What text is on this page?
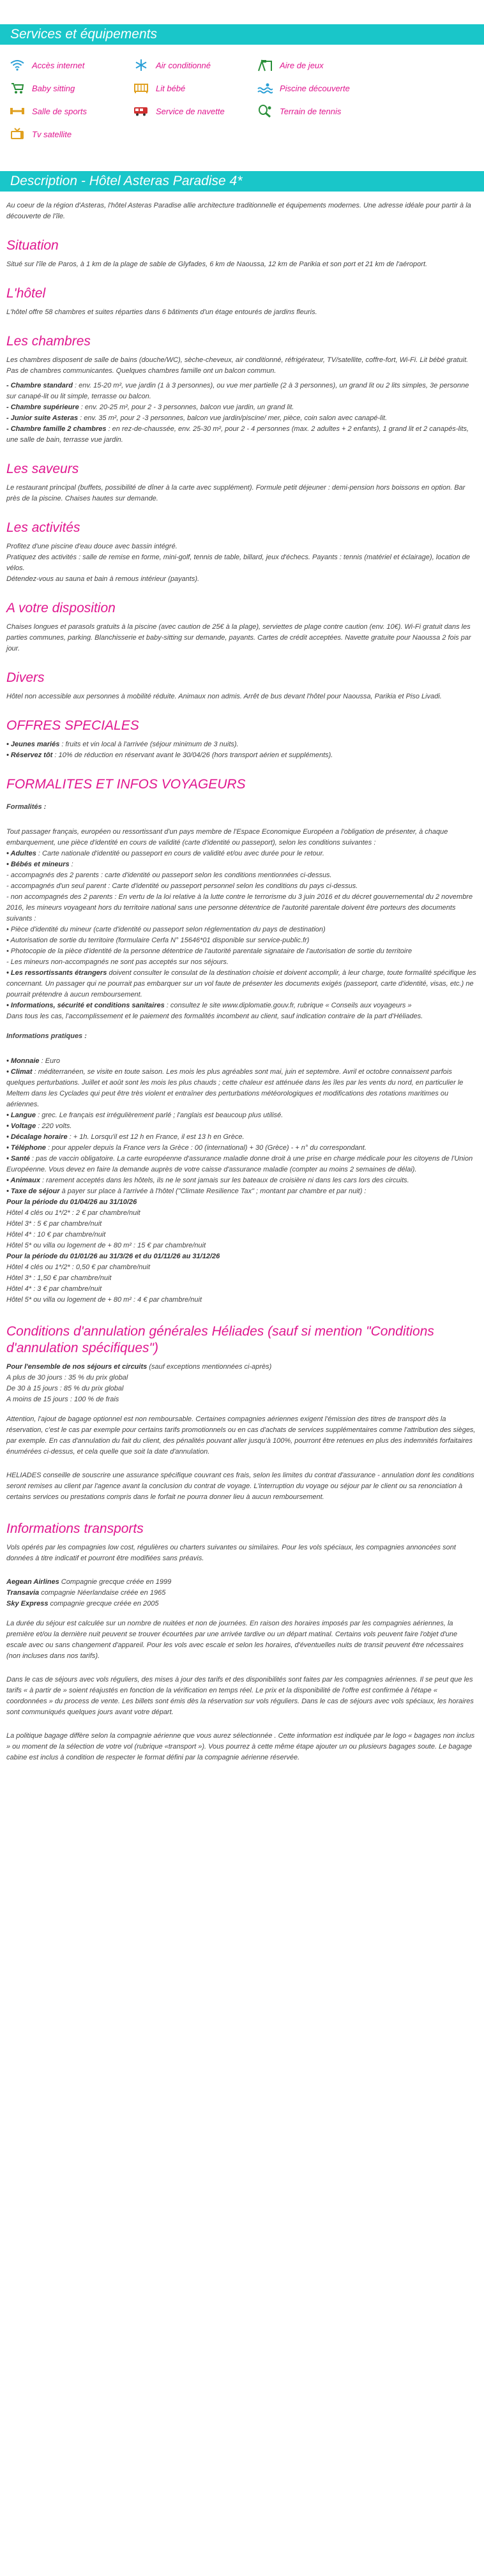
Services et équipements
Accès internet	Air conditionné	Aire de jeux
Baby sitting	Lit bébé	Piscine découverte
Salle de sports	Service de navette	Terrain de tennis
Tv satellite
Description - Hôtel Asteras Paradise 4*

Au coeur de la région d'Asteras, l'hôtel Asteras Paradise allie architecture traditionnelle et équipements modernes. Une adresse idéale pour partir à la découverte de l'île.

Situation

Situé sur l'île de Paros, à 1 km de la plage de sable de Glyfades, 6 km de Naoussa, 12 km de Parikia et son port et 21 km de l'aéroport.

L'hôtel

L'hôtel offre 58 chambres et suites réparties dans 6 bâtiments d'un étage entourés de jardins fleuris.

Les chambres

Les chambres disposent de salle de bains (douche/WC), sèche-cheveux, air conditionné, réfrigérateur, TV/satellite, coffre-fort, Wi-Fi. Lit bébé gratuit. Pas de chambres communicantes. Quelques chambres famille ont un balcon commun.

- Chambre standard : env. 15-20 m², vue jardin (1 à 3 personnes), ou vue mer partielle (2 à 3 personnes), un grand lit ou 2 lits simples, 3e personne sur canapé-lit ou lit simple, terrasse ou balcon.

- Chambre supérieure : env. 20-25 m², pour 2 - 3 personnes, balcon vue jardin, un grand lit.

- Junior suite Asteras : env. 35 m², pour 2 -3 personnes, balcon vue jardin/piscine/ mer, pièce, coin salon avec canapé-lit.

- Chambre famille 2 chambres : en rez-de-chaussée, env. 25-30 m², pour 2 - 4 personnes (max. 2 adultes + 2 enfants), 1 grand lit et 2 canapés-lits, une salle de bain, terrasse vue jardin.

Les saveurs

Le restaurant principal (buffets, possibilité de dîner à la carte avec supplément). Formule petit déjeuner : demi-pension hors boissons en option. Bar près de la piscine. Chaises hautes sur demande.

Les activités

Profitez d'une piscine d'eau douce avec bassin intégré.

Pratiquez des activités : salle de remise en forme, mini-golf, tennis de table, billard, jeux d'échecs. Payants : tennis (matériel et éclairage), location de vélos.

Détendez-vous au sauna et bain à remous intérieur (payants).

A votre disposition

Chaises longues et parasols gratuits à la piscine (avec caution de 25€ à la plage), serviettes de plage contre caution (env. 10€). Wi-Fi gratuit dans les parties communes, parking. Blanchisserie et baby-sitting sur demande, payants. Cartes de crédit acceptées. Navette gratuite pour Naoussa 2 fois par jour.

Divers

Hôtel non accessible aux personnes à mobilité réduite. Animaux non admis. Arrêt de bus devant l'hôtel pour Naoussa, Parikia et Piso Livadi.

OFFRES SPECIALES

• Jeunes mariés : fruits et vin local à l'arrivée (séjour minimum de 3 nuits).

• Réservez tôt : 10% de réduction en réservant avant le 30/04/26 (hors transport aérien et suppléments).

FORMALITES ET INFOS VOYAGEURS

Formalités :

Tout passager français, européen ou ressortissant d'un pays membre de l'Espace Economique Européen a l'obligation de présenter, à chaque embarquement, une pièce d'identité en cours de validité (carte d'identité ou passeport), selon les conditions suivantes :

• Adultes : Carte nationale d'identité ou passeport en cours de validité et/ou avec durée pour le retour.

• Bébés et mineurs :

- accompagnés des 2 parents : carte d'identité ou passeport selon les conditions mentionnées ci-dessus.

- accompagnés d'un seul parent : Carte d'identité ou passeport personnel selon les conditions du pays ci-dessus.

- non accompagnés des 2 parents : En vertu de la loi relative à la lutte contre le terrorisme du 3 juin 2016 et du décret gouvernemental du 2 novembre 2016, les mineurs voyageant hors du territoire national sans une personne détentrice de l'autorité parentale doivent être porteurs des documents suivants :

• Pièce d'identité du mineur (carte d'identité ou passeport selon réglementation du pays de destination)

• Autorisation de sortie du territoire (formulaire Cerfa N° 15646*01 disponible sur service-public.fr)

• Photocopie de la pièce d'identité de la personne détentrice de l'autorité parentale signataire de l'autorisation de sortie du territoire

- Les mineurs non-accompagnés ne sont pas acceptés sur nos séjours.

• Les ressortissants étrangers doivent consulter le consulat de la destination choisie et doivent accomplir, à leur charge, toute formalité spécifique les concernant. Un passager qui ne pourrait pas embarquer sur un vol faute de présenter les documents exigés (passeport, carte d'identité, visas, etc.) ne pourrait prétendre à aucun remboursement.

• Informations, sécurité et conditions sanitaires : consultez le site www.diplomatie.gouv.fr, rubrique « Conseils aux voyageurs »

Dans tous les cas, l'accomplissement et le paiement des formalités incombent au client, sauf indication contraire de la part d'Héliades.

Informations pratiques :

• Monnaie : Euro

• Climat : méditerranéen, se visite en toute saison. Les mois les plus agréables sont mai, juin et septembre. Avril et octobre connaissent parfois quelques perturbations. Juillet et août sont les mois les plus chauds ; cette chaleur est atténuée dans les îles par les vents du nord, en particulier le Meltem dans les Cyclades qui peut être très violent et entraîner des perturbations météorologiques et modifications des rotations maritimes ou aériennes.

• Langue : grec. Le français est irrégulièrement parlé ; l'anglais est beaucoup plus utilisé.

• Voltage : 220 volts.

• Décalage horaire : + 1h. Lorsqu'il est 12 h en France, il est 13 h en Grèce.

• Téléphone : pour appeler depuis la France vers la Grèce : 00 (international) + 30 (Grèce) - + n° du correspondant.

• Santé : pas de vaccin obligatoire. La carte européenne d'assurance maladie donne droit à une prise en charge médicale pour les citoyens de l'Union Européenne. Vous devez en faire la demande auprès de votre caisse d'assurance maladie (compter au moins 2 semaines de délai).

• Animaux : rarement acceptés dans les hôtels, ils ne le sont jamais sur les bateaux de croisière ni dans les cars lors des circuits.

• Taxe de séjour à payer sur place à l'arrivée à l'hôtel ("Climate Resilience Tax" ; montant par chambre et par nuit) :

Pour la période du 01/04/26 au 31/10/26

Hôtel 4 clés ou 1*/2* : 2 € par chambre/nuit

Hôtel 3* : 5 € par chambre/nuit

Hôtel 4* : 10 € par chambre/nuit

Hôtel 5* ou villa ou logement de + 80 m² : 15 € par chambre/nuit

Pour la période du 01/01/26 au 31/3/26 et du 01/11/26 au 31/12/26

Hôtel 4 clés ou 1*/2* : 0,50 € par chambre/nuit

Hôtel 3* : 1,50 € par chambre/nuit

Hôtel 4* : 3 € par chambre/nuit

Hôtel 5* ou villa ou logement de + 80 m² : 4 € par chambre/nuit

Conditions d'annulation générales Héliades (sauf si mention "Conditions d'annulation spécifiques")

Pour l'ensemble de nos séjours et circuits (sauf exceptions mentionnées ci-après)

A plus de 30 jours : 35 % du prix global

De 30 à 15 jours : 85 % du prix global

A moins de 15 jours : 100 % de frais

Attention, l'ajout de bagage optionnel est non remboursable. Certaines compagnies aériennes exigent l'émission des titres de transport dès la réservation, c'est le cas par exemple pour certains tarifs promotionnels ou en cas d'achats de services supplémentaires comme l'attribution des sièges, par exemple. En cas d'annulation du fait du client, des pénalités pouvant aller jusqu'à 100%, pourront être retenues en plus des indemnités forfaitaires énumérées ci-dessus, et cela quelle que soit la date d'annulation.

HELIADES conseille de souscrire une assurance spécifique couvrant ces frais, selon les limites du contrat d'assurance - annulation dont les conditions seront remises au client par l'agence avant la conclusion du contrat de voyage. L'interruption du voyage ou séjour par le client ou sa renonciation à certains services ou prestations compris dans le forfait ne pourra donner lieu à aucun remboursement.

Informations transports

Vols opérés par les compagnies low cost, régulières ou charters suivantes ou similaires. Pour les vols spéciaux, les compagnies annoncées sont données à titre indicatif et pourront être modifiées sans préavis.

Aegean Airlines Compagnie grecque créée en 1999

Transavia compagnie Néerlandaise créée en 1965

Sky Express compagnie grecque créée en 2005

La durée du séjour est calculée sur un nombre de nuitées et non de journées. En raison des horaires imposés par les compagnies aériennes, la première et/ou la dernière nuit peuvent se trouver écourtées par une arrivée tardive ou un départ matinal. Certains vols peuvent faire l'objet d'une escale avec ou sans changement d'appareil. Pour les vols avec escale et selon les horaires, d'éventuelles nuits de transit peuvent être nécessaires (non incluses dans nos tarifs).

Dans le cas de séjours avec vols réguliers, des mises à jour des tarifs et des disponibilités sont faites par les compagnies aériennes. Il se peut que les tarifs « à partir de » soient réajustés en fonction de la vérification en temps réel. Le prix et la disponibilité de l'offre est confirmée à l'étape « coordonnées » du process de vente. Les billets sont émis dès la réservation sur vols réguliers. Dans le cas de séjours avec vols spéciaux, les horaires sont communiqués quelques jours avant votre départ.

La politique bagage diffère selon la compagnie aérienne que vous aurez sélectionnée . Cette information est indiquée par le logo « bagages non inclus » ou moment de la sélection de votre vol (rubrique «transport »). Vous pourrez à cette même étape ajouter un ou plusieurs bagages soute. Le bagage cabine est inclus à condition de respecter le format défini par la compagnie aérienne réservée.
